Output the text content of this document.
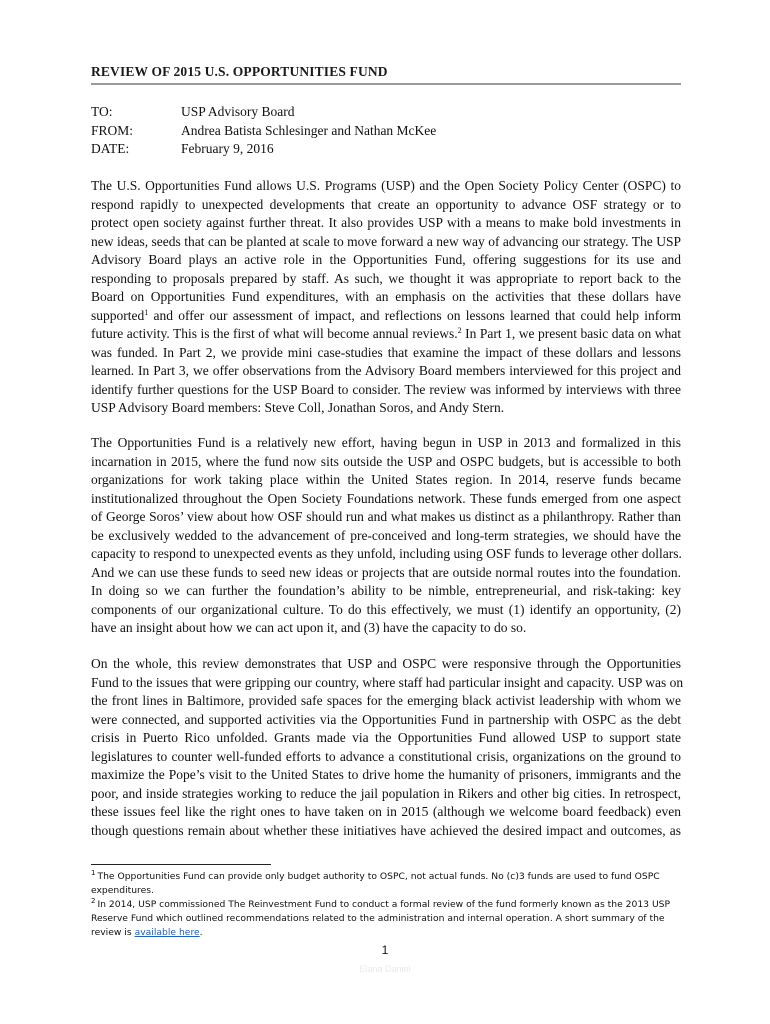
REVIEW OF 2015 U.S. OPPORTUNITIES FUND
TO:	USP Advisory Board
FROM:	Andrea Batista Schlesinger and Nathan McKee
DATE:	February 9, 2016
The U.S. Opportunities Fund allows U.S. Programs (USP) and the Open Society Policy Center (OSPC) to
respond rapidly to unexpected developments that create an opportunity to advance OSF strategy or to
protect open society against further threat. It also provides USP with a means to make bold investments in
new ideas, seeds that can be planted at scale to move forward a new way of advancing our strategy. The USP
Advisory Board plays an active role in the Opportunities Fund, offering suggestions for its use and
responding to proposals prepared by staff. As such, we thought it was appropriate to report back to the
Board on Opportunities Fund expenditures, with an emphasis on the activities that these dollars have
supported$^1$ and offer our assessment of impact, and reflections on lessons learned that could help inform
future activity. This is the first of what will become annual reviews.$^2$ In Part 1, we present basic data on what
was funded. In Part 2, we provide mini case-studies that examine the impact of these dollars and lessons
learned. In Part 3, we offer observations from the Advisory Board members interviewed for this project and
identify further questions for the USP Board to consider. The review was informed by interviews with three
USP Advisory Board members: Steve Coll, Jonathan Soros, and Andy Stern.
The Opportunities Fund is a relatively new effort, having begun in USP in 2013 and formalized in this
incarnation in 2015, where the fund now sits outside the USP and OSPC budgets, but is accessible to both
organizations for work taking place within the United States region. In 2014, reserve funds became
institutionalized throughout the Open Society Foundations network. These funds emerged from one aspect
of George Soros’ view about how OSF should run and what makes us distinct as a philanthropy. Rather than
be exclusively wedded to the advancement of pre-conceived and long-term strategies, we should have the
capacity to respond to unexpected events as they unfold, including using OSF funds to leverage other dollars.
And we can use these funds to seed new ideas or projects that are outside normal routes into the foundation.
In doing so we can further the foundation’s ability to be nimble, entrepreneurial, and risk-taking: key
components of our organizational culture. To do this effectively, we must (1) identify an opportunity, (2)
have an insight about how we can act upon it, and (3) have the capacity to do so.
On the whole, this review demonstrates that USP and OSPC were responsive through the Opportunities
Fund to the issues that were gripping our country, where staff had particular insight and capacity. USP was on
the front lines in Baltimore, provided safe spaces for the emerging black activist leadership with whom we
were connected, and supported activities via the Opportunities Fund in partnership with OSPC as the debt
crisis in Puerto Rico unfolded. Grants made via the Opportunities Fund allowed USP to support state
legislatures to counter well-funded efforts to advance a constitutional crisis, organizations on the ground to
maximize the Pope’s visit to the United States to drive home the humanity of prisoners, immigrants and the
poor, and inside strategies working to reduce the jail population in Rikers and other big cities. In retrospect,
these issues feel like the right ones to have taken on in 2015 (although we welcome board feedback) even
though questions remain about whether these initiatives have achieved the desired impact and outcomes, as
$^1$ The Opportunities Fund can provide only budget authority to OSPC, not actual funds. No (c)3 funds are used to fund OSPC
expenditures.
$^2$ In 2014, USP commissioned The Reinvestment Fund to conduct a formal review of the fund formerly known as the 2013 USP
Reserve Fund which outlined recommendations related to the administration and internal operation. A short summary of the
review is available here.
1
Elana Daniel
